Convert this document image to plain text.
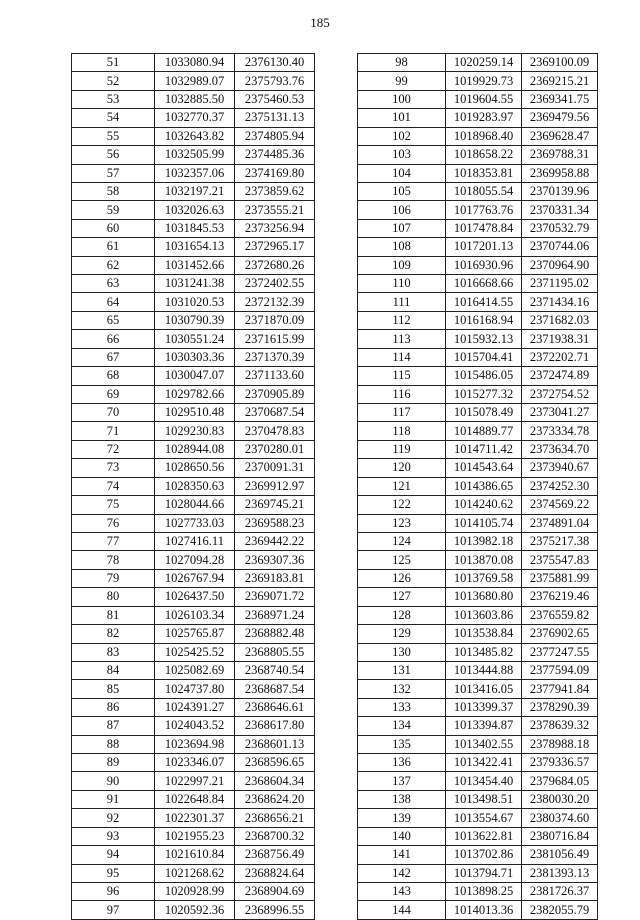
185
51	1033080.94	2376130.40
52	1032989.07	2375793.76
53	1032885.50	2375460.53
54	1032770.37	2375131.13
55	1032643.82	2374805.94
56	1032505.99	2374485.36
57	1032357.06	2374169.80
58	1032197.21	2373859.62
59	1032026.63	2373555.21
60	1031845.53	2373256.94
61	1031654.13	2372965.17
62	1031452.66	2372680.26
63	1031241.38	2372402.55
64	1031020.53	2372132.39
65	1030790.39	2371870.09
66	1030551.24	2371615.99
67	1030303.36	2371370.39
68	1030047.07	2371133.60
69	1029782.66	2370905.89
70	1029510.48	2370687.54
71	1029230.83	2370478.83
72	1028944.08	2370280.01
73	1028650.56	2370091.31
74	1028350.63	2369912.97
75	1028044.66	2369745.21
76	1027733.03	2369588.23
77	1027416.11	2369442.22
78	1027094.28	2369307.36
79	1026767.94	2369183.81
80	1026437.50	2369071.72
81	1026103.34	2368971.24
82	1025765.87	2368882.48
83	1025425.52	2368805.55
84	1025082.69	2368740.54
85	1024737.80	2368687.54
86	1024391.27	2368646.61
87	1024043.52	2368617.80
88	1023694.98	2368601.13
89	1023346.07	2368596.65
90	1022997.21	2368604.34
91	1022648.84	2368624.20
92	1022301.37	2368656.21
93	1021955.23	2368700.32
94	1021610.84	2368756.49
95	1021268.62	2368824.64
96	1020928.99	2368904.69
97	1020592.36	2368996.55
98	1020259.14	2369100.09
99	1019929.73	2369215.21
100	1019604.55	2369341.75
101	1019283.97	2369479.56
102	1018968.40	2369628.47
103	1018658.22	2369788.31
104	1018353.81	2369958.88
105	1018055.54	2370139.96
106	1017763.76	2370331.34
107	1017478.84	2370532.79
108	1017201.13	2370744.06
109	1016930.96	2370964.90
110	1016668.66	2371195.02
111	1016414.55	2371434.16
112	1016168.94	2371682.03
113	1015932.13	2371938.31
114	1015704.41	2372202.71
115	1015486.05	2372474.89
116	1015277.32	2372754.52
117	1015078.49	2373041.27
118	1014889.77	2373334.78
119	1014711.42	2373634.70
120	1014543.64	2373940.67
121	1014386.65	2374252.30
122	1014240.62	2374569.22
123	1014105.74	2374891.04
124	1013982.18	2375217.38
125	1013870.08	2375547.83
126	1013769.58	2375881.99
127	1013680.80	2376219.46
128	1013603.86	2376559.82
129	1013538.84	2376902.65
130	1013485.82	2377247.55
131	1013444.88	2377594.09
132	1013416.05	2377941.84
133	1013399.37	2378290.39
134	1013394.87	2378639.32
135	1013402.55	2378988.18
136	1013422.41	2379336.57
137	1013454.40	2379684.05
138	1013498.51	2380030.20
139	1013554.67	2380374.60
140	1013622.81	2380716.84
141	1013702.86	2381056.49
142	1013794.71	2381393.13
143	1013898.25	2381726.37
144	1014013.36	2382055.79
